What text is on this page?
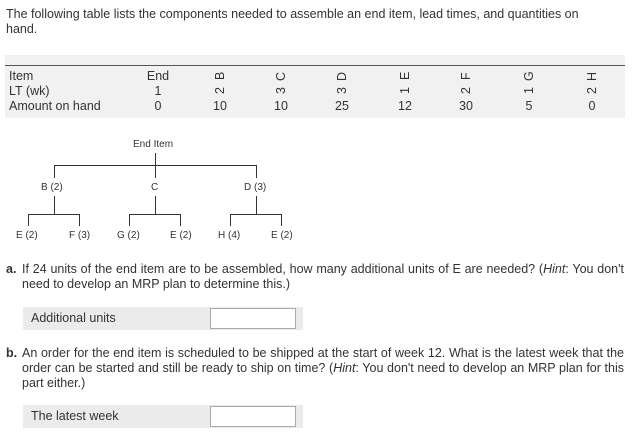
The following table lists the components needed to assemble an end item, lead times, and quantities on hand.
Item	End	B	C	D	E	F	G	H
LT (wk)	1	2	3	3	1	2	1	2
Amount on hand	0	10	10	25	12	30	5	0
End Item
B (2)	C	D (3)
E (2)	F (3)	G (2)	E (2)	H (4)	E (2)
a. If 24 units of the end item are to be assembled, how many additional units of E are needed? (Hint: You don't need to develop an MRP plan to determine this.)
Additional units
b. An order for the end item is scheduled to be shipped at the start of week 12. What is the latest week that the order can be started and still be ready to ship on time? (Hint: You don't need to develop an MRP plan for this part either.)
The latest week
